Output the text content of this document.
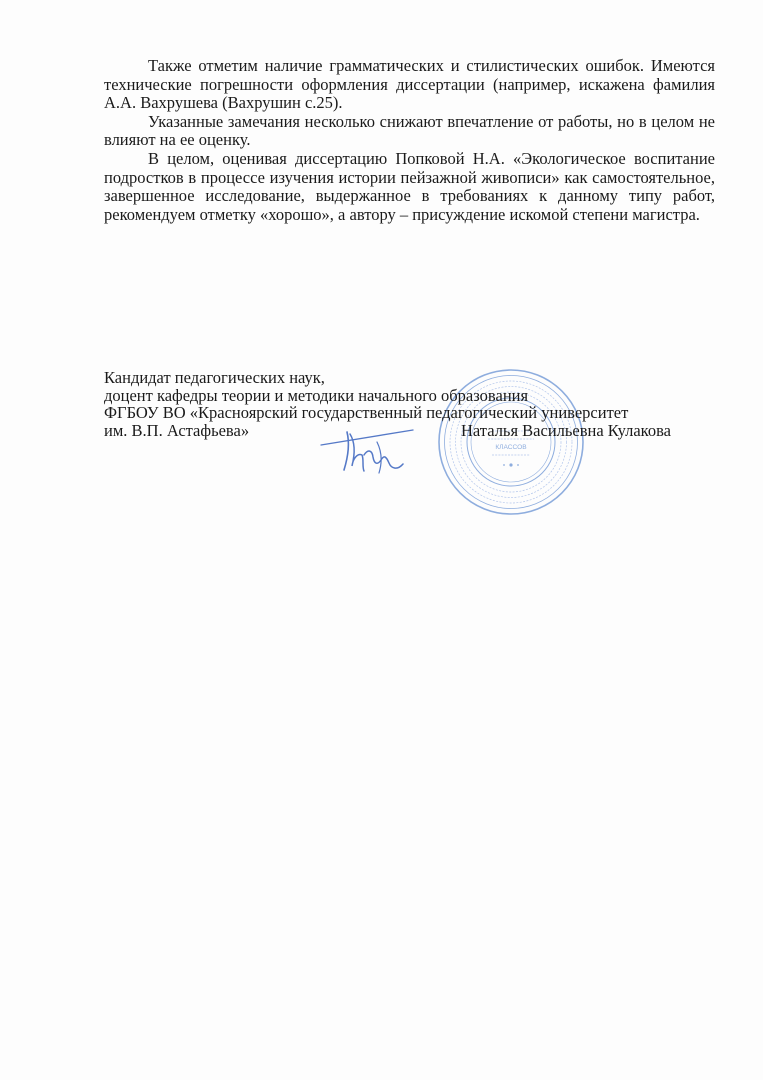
Также отметим наличие грамматических и стилистических ошибок. Имеются технические погрешности оформления диссертации (например, искажена фамилия А.А. Вахрушева (Вахрушин с.25).

Указанные замечания несколько снижают впечатление от работы, но в целом не влияют на ее оценку.

В целом, оценивая диссертацию Попковой Н.А. «Экологическое воспитание подростков в процессе изучения истории пейзажной живописи» как самостоятельное, завершенное исследование, выдержанное в требованиях к данному типу работ, рекомендуем отметку «хорошо», а автору – присуждение искомой степени магистра.

Кандидат педагогических наук,
доцент кафедры теории и методики начального образования
ФГБОУ ВО «Красноярский государственный педагогический университет
им. В.П. Астафьева»	Наталья Васильевна Кулакова
КЛАССОВ
